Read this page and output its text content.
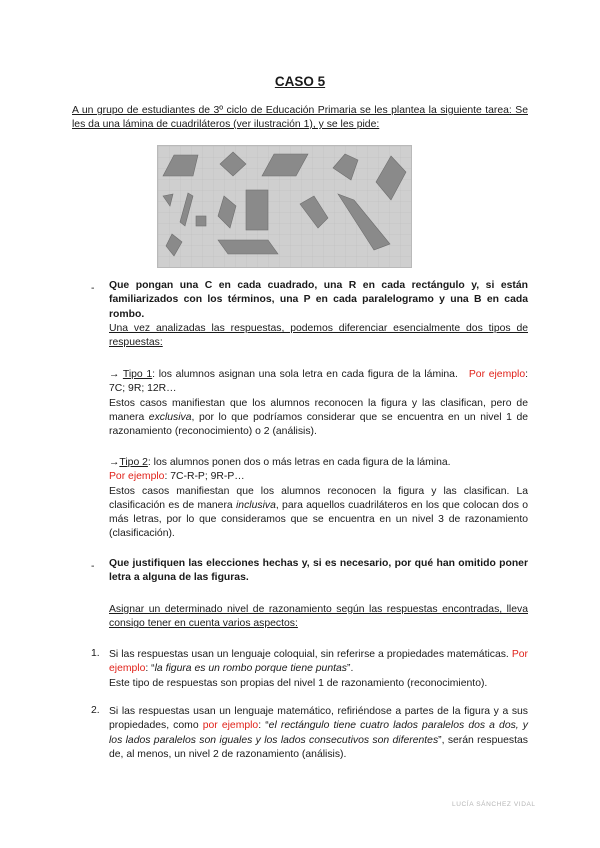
CASO 5
A un grupo de estudiantes de 3º ciclo de Educación Primaria se les plantea la siguiente tarea: Se les da una lámina de cuadriláteros (ver ilustración 1), y se les pide:
- Que pongan una C en cada cuadrado, una R en cada rectángulo y, si están familiarizados con los términos, una P en cada paralelogramo y una B en cada rombo.
Una vez analizadas las respuestas, podemos diferenciar esencialmente dos tipos de respuestas:
→ Tipo 1: los alumnos asignan una sola letra en cada figura de la lámina. Por ejemplo: 7C; 9R; 12R…
Estos casos manifiestan que los alumnos reconocen la figura y las clasifican, pero de manera exclusiva, por lo que podríamos considerar que se encuentra en un nivel 1 de razonamiento (reconocimiento) o 2 (análisis).
→Tipo 2: los alumnos ponen dos o más letras en cada figura de la lámina.
Por ejemplo: 7C-R-P; 9R-P…
Estos casos manifiestan que los alumnos reconocen la figura y las clasifican. La clasificación es de manera inclusiva, para aquellos cuadriláteros en los que colocan dos o más letras, por lo que consideramos que se encuentra en un nivel 3 de razonamiento (clasificación).
- Que justifiquen las elecciones hechas y, si es necesario, por qué han omitido poner letra a alguna de las figuras.
Asignar un determinado nivel de razonamiento según las respuestas encontradas, lleva consigo tener en cuenta varios aspectos:
1. Si las respuestas usan un lenguaje coloquial, sin referirse a propiedades matemáticas. Por ejemplo: “la figura es un rombo porque tiene puntas”.
Este tipo de respuestas son propias del nivel 1 de razonamiento (reconocimiento).
2. Si las respuestas usan un lenguaje matemático, refiriéndose a partes de la figura y a sus propiedades, como por ejemplo: “el rectángulo tiene cuatro lados paralelos dos a dos, y los lados paralelos son iguales y los lados consecutivos son diferentes”, serán respuestas de, al menos, un nivel 2 de razonamiento (análisis).
LUCÍA SÁNCHEZ VIDAL
